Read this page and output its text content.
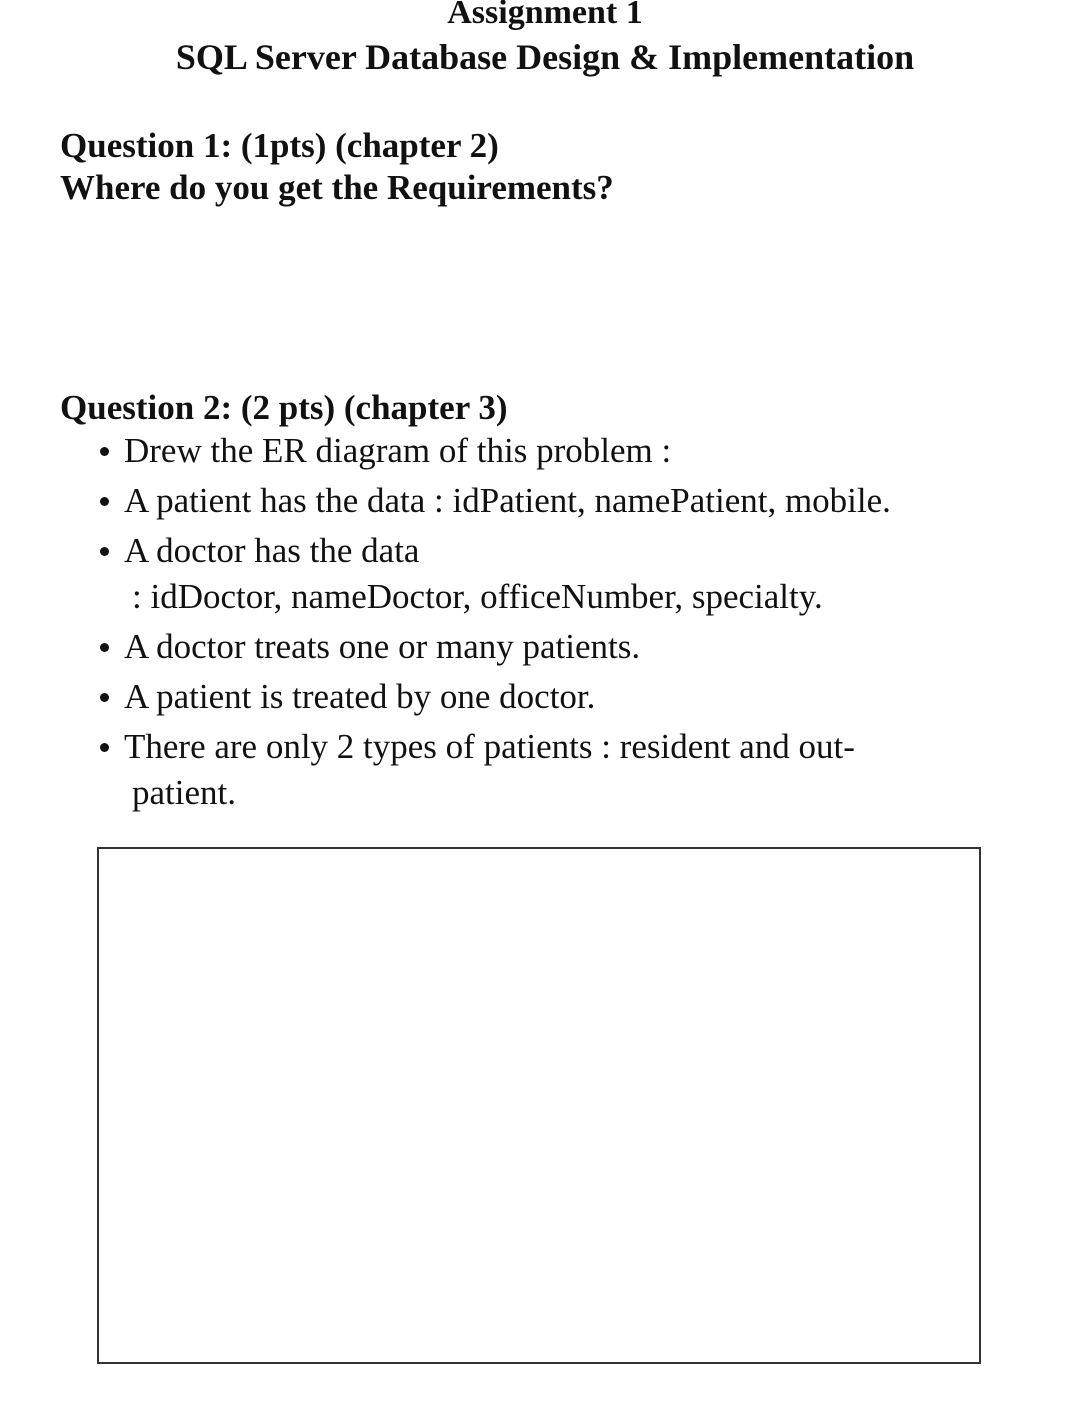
Assignment 1
SQL Server Database Design & Implementation
Question 1: (1pts) (chapter 2)
Where do you get the Requirements?
Question 2: (2 pts) (chapter 3)
Drew the ER diagram of this problem :
A patient has the data : idPatient, namePatient, mobile.
A doctor has the data
: idDoctor, nameDoctor, officeNumber, specialty.
A doctor treats one or many patients.
A patient is treated by one doctor.
There are only 2 types of patients : resident and out-
patient.
